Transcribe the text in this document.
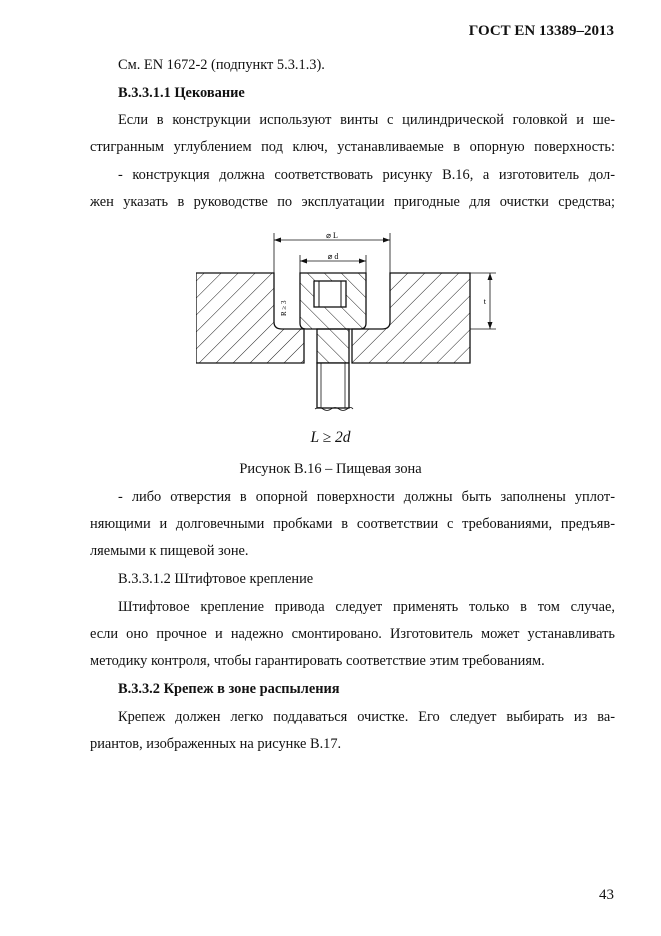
ГОСТ EN 13389–2013
См. EN 1672-2 (подпункт 5.3.1.3).
В.3.3.1.1 Цекование
Если в конструкции используют винты с цилиндрической головкой и ше-
стигранным углублением под ключ, устанавливаемые в опорную поверхность:
- конструкция должна соответствовать рисунку В.16, а изготовитель дол-
жен указать в руководстве по эксплуатации пригодные для очистки средства;
⌀ L
⌀ d
R ≥ 3	t
L ≥ 2d
Рисунок В.16 – Пищевая зона
- либо отверстия в опорной поверхности должны быть заполнены уплот-
няющими и долговечными пробками в соответствии с требованиями, предъяв-
ляемыми к пищевой зоне.
В.3.3.1.2 Штифтовое крепление
Штифтовое крепление привода следует применять только в том случае,
если оно прочное и надежно смонтировано. Изготовитель может устанавливать
методику контроля, чтобы гарантировать соответствие этим требованиям.
В.3.3.2 Крепеж в зоне распыления
Крепеж должен легко поддаваться очистке. Его следует выбирать из ва-
риантов, изображенных на рисунке В.17.
43
